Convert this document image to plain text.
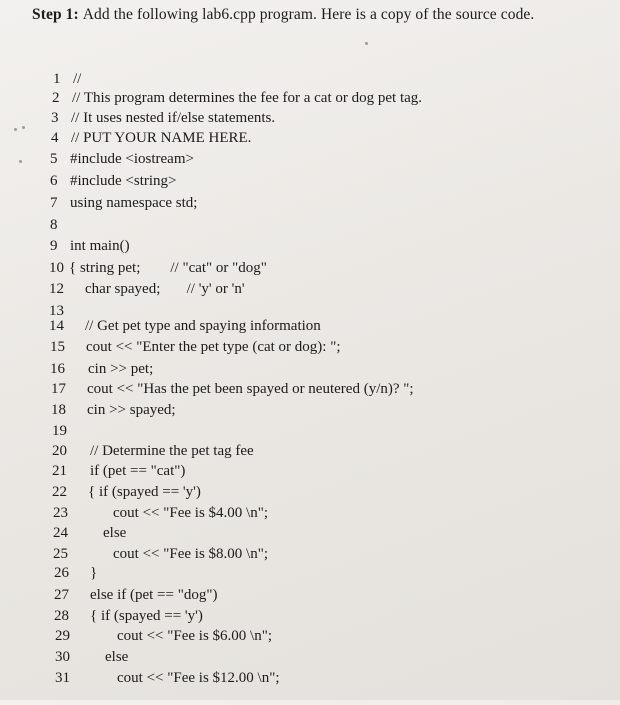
Step 1: Add the following lab6.cpp program. Here is a copy of the source code.

1 //

2 // This program determines the fee for a cat or dog pet tag.

3 // It uses nested if/else statements.

4 // PUT YOUR NAME HERE.

5 #include <iostream>

6 #include <string>

7 using namespace std;

8

9 int main()

10 { string pet;        // "cat" or "dog"

12 char spayed;       // 'y' or 'n'

13

14 // Get pet type and spaying information

15 cout << "Enter the pet type (cat or dog): ";

16 cin >> pet;

17 cout << "Has the pet been spayed or neutered (y/n)? ";

18 cin >> spayed;

19

20 // Determine the pet tag fee

21 if (pet == "cat")

22 { if (spayed == 'y')

23	cout << "Fee is $4.00 \n";

24 else

25	cout << "Fee is $8.00 \n";

26 }

27 else if (pet == "dog")

28 { if (spayed == 'y')

29	cout << "Fee is $6.00 \n";

30 else

31	cout << "Fee is $12.00 \n";
